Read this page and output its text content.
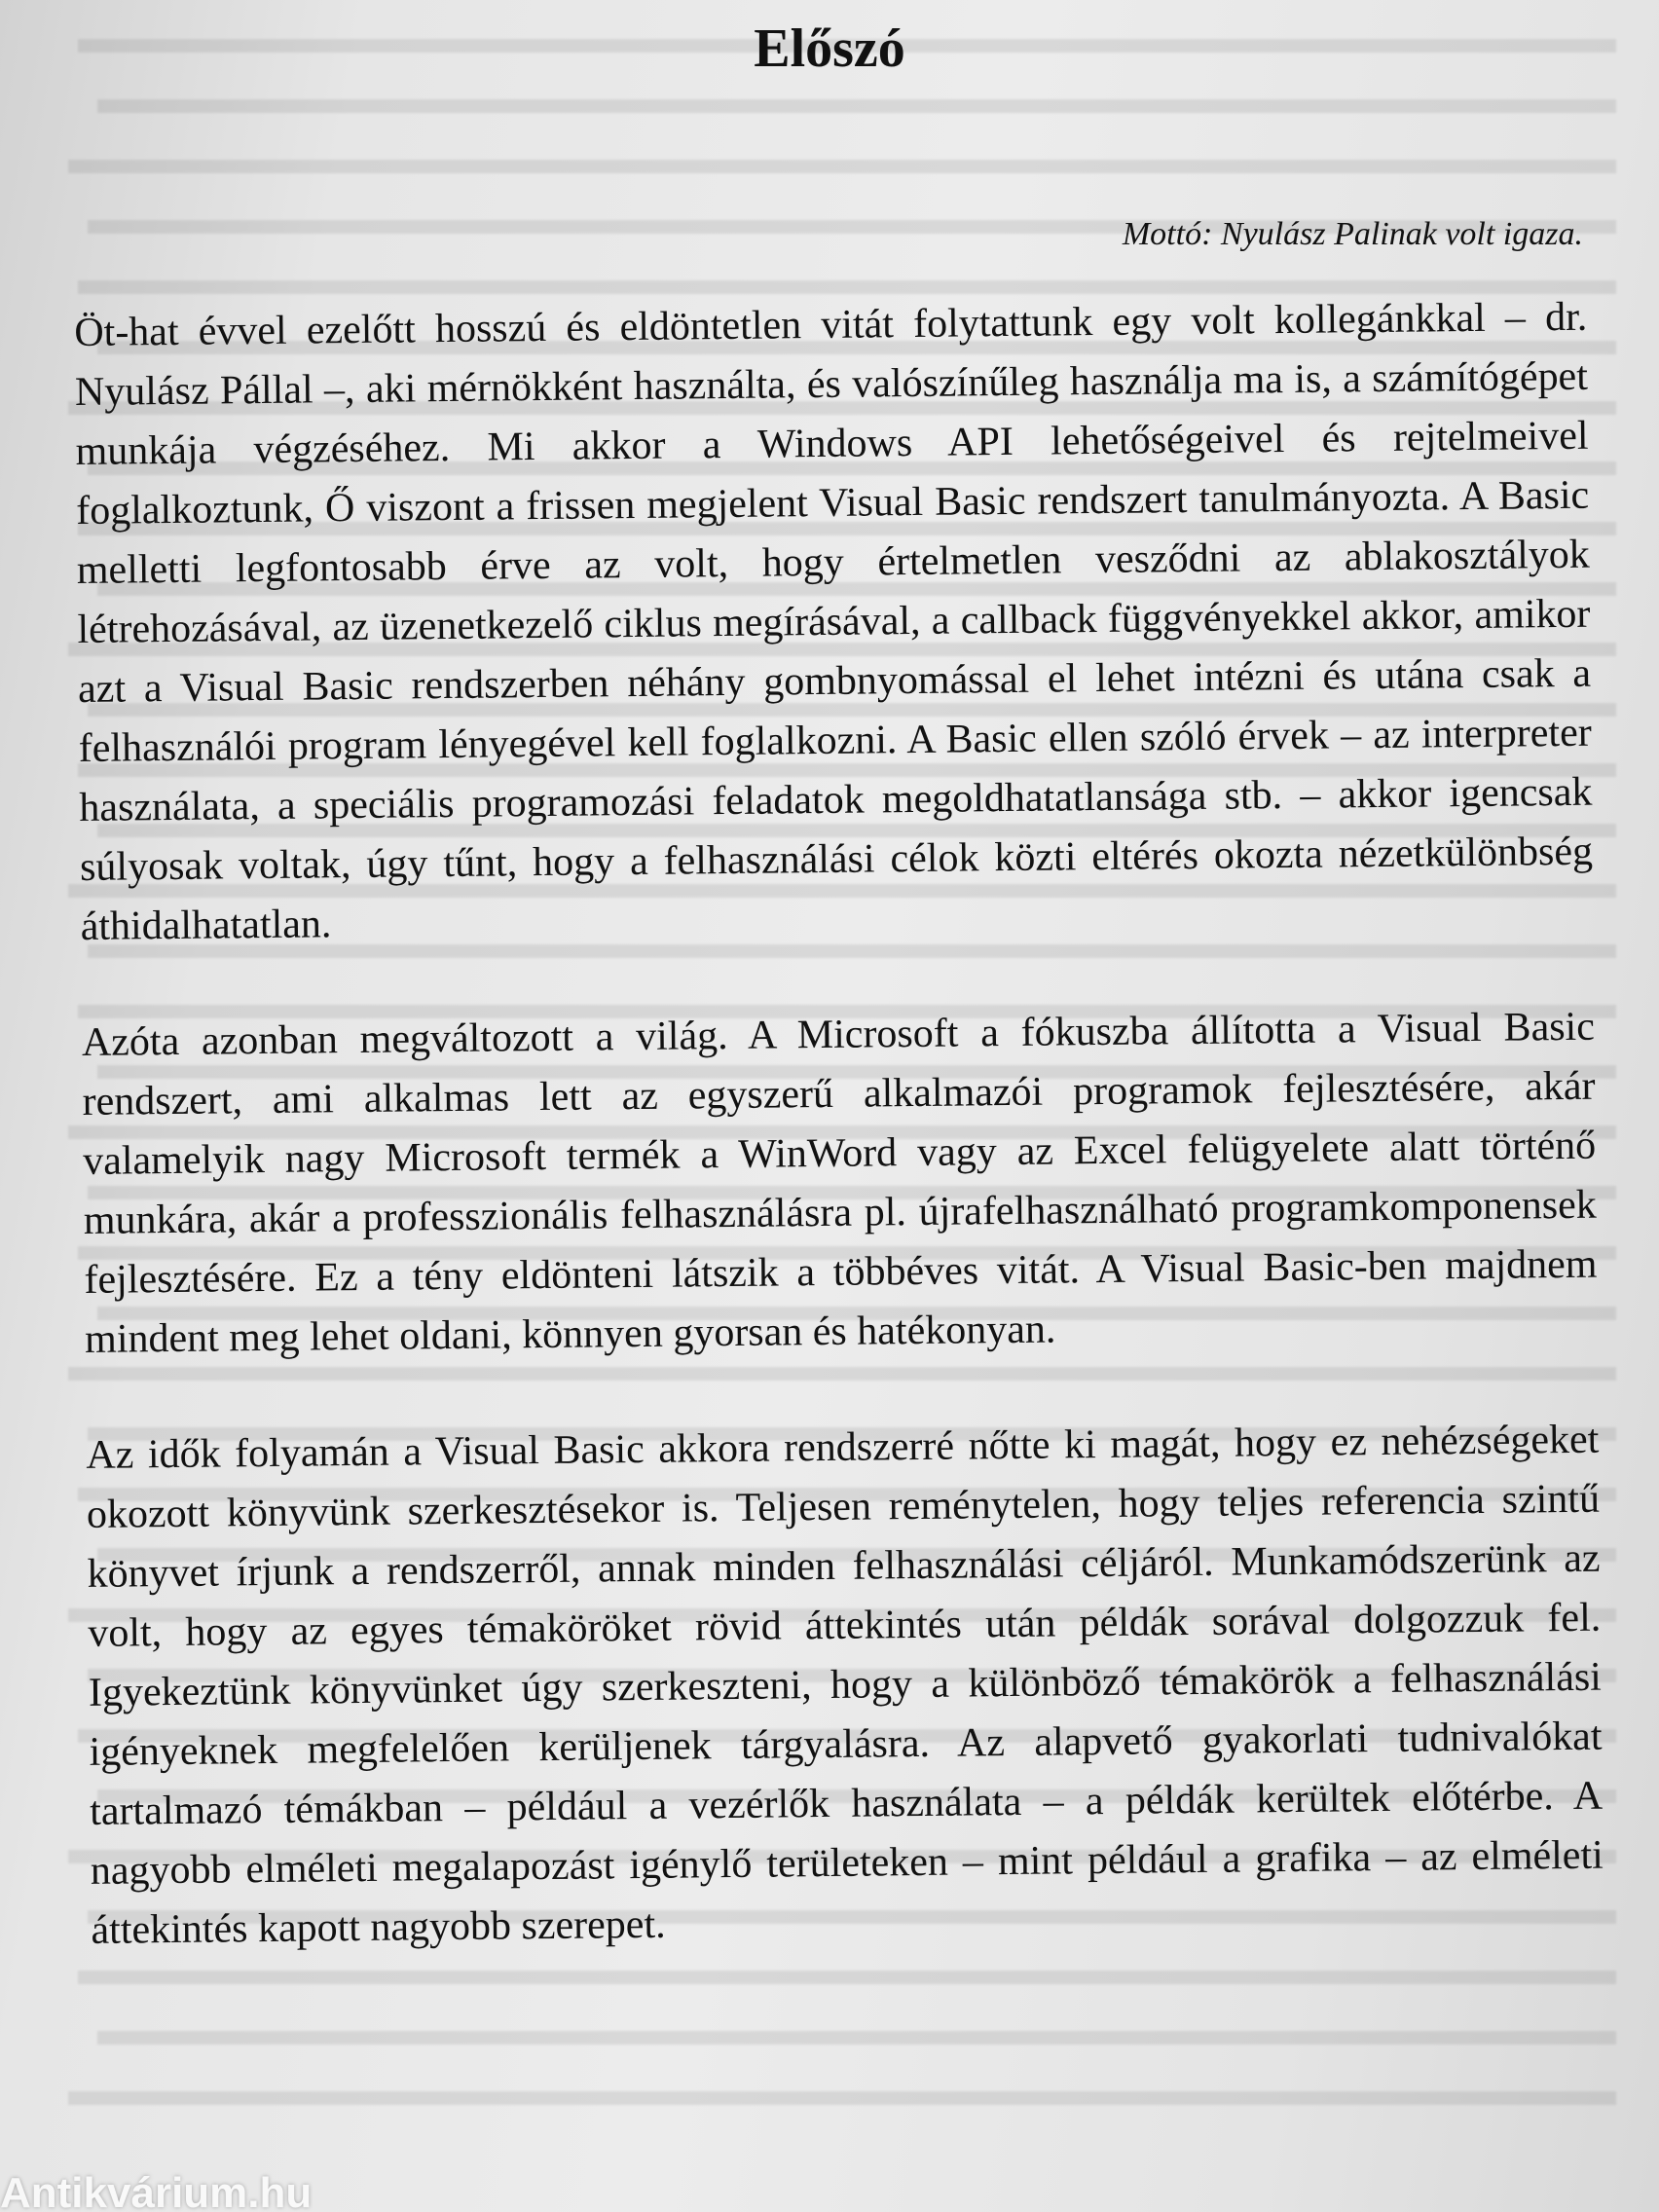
Előszó

Mottó: Nyulász Palinak volt igaza.

Öt-hat évvel ezelőtt hosszú és eldöntetlen vitát folytattunk egy volt kollegánkkal – dr. Nyulász Pállal –, aki mérnökként használta, és valószínűleg használja ma is, a számítógépet munkája végzéséhez. Mi akkor a Windows API lehetőségeivel és rejtelmeivel foglalkoztunk, Ő viszont a frissen megjelent Visual Basic rendszert tanulmányozta. A Basic melletti legfontosabb érve az volt, hogy értelmetlen vesződni az ablakosztályok létrehozásával, az üzenetkezelő ciklus megírásával, a callback függvényekkel akkor, amikor azt a Visual Basic rendszerben néhány gombnyomással el lehet intézni és utána csak a felhasználói program lényegével kell foglalkozni. A Basic ellen szóló érvek – az interpreter használata, a speciális programozási feladatok megoldhatatlansága stb. – akkor igencsak súlyosak voltak, úgy tűnt, hogy a felhasználási célok közti eltérés okozta nézetkülönbség áthidalhatatlan.

Azóta azonban megváltozott a világ. A Microsoft a fókuszba állította a Visual Basic rendszert, ami alkalmas lett az egyszerű alkalmazói programok fejlesztésére, akár valamelyik nagy Microsoft termék a WinWord vagy az Excel felügyelete alatt történő munkára, akár a professzionális felhasználásra pl. újrafelhasználható programkomponensek fejlesztésére. Ez a tény eldönteni látszik a többéves vitát. A Visual Basic-ben majdnem mindent meg lehet oldani, könnyen gyorsan és hatékonyan.

Az idők folyamán a Visual Basic akkora rendszerré nőtte ki magát, hogy ez nehézségeket okozott könyvünk szerkesztésekor is. Teljesen reménytelen, hogy teljes referencia szintű könyvet írjunk a rendszerről, annak minden felhasználási céljáról. Munkamódszerünk az volt, hogy az egyes témaköröket rövid áttekintés után példák sorával dolgozzuk fel. Igyekeztünk könyvünket úgy szerkeszteni, hogy a különböző témakörök a felhasználási igényeknek megfelelően kerüljenek tárgyalásra. Az alapvető gyakorlati tudnivalókat tartalmazó témákban – például a vezérlők használata – a példák kerültek előtérbe. A nagyobb elméleti megalapozást igénylő területeken – mint például a grafika – az elméleti áttekintés kapott nagyobb szerepet.

Antikvárium.hu
